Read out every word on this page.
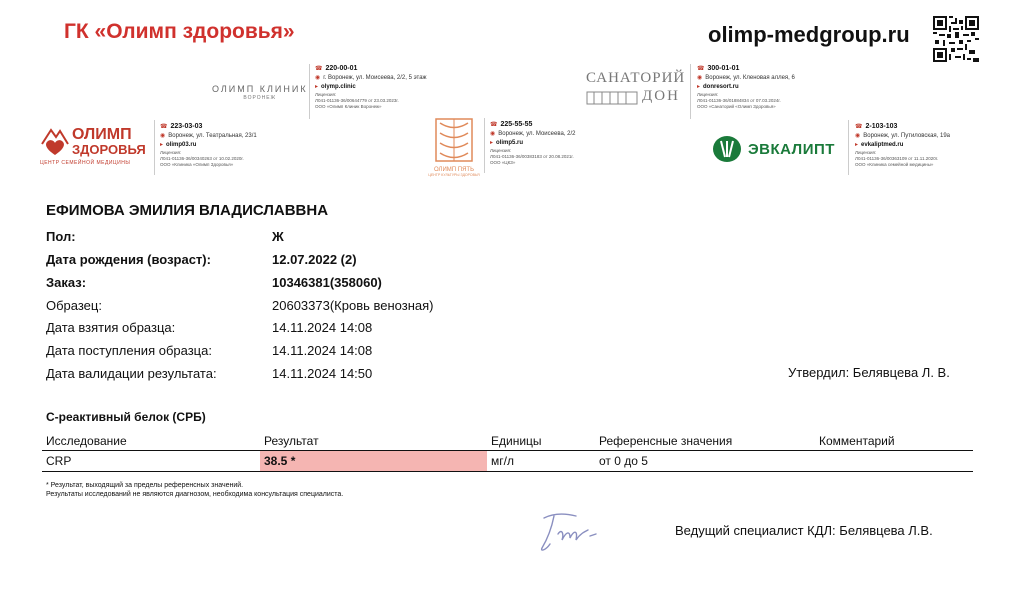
ГК «Олимп здоровья»	olimp-medgroup.ru
ОЛИМП КЛИНИК
ВОРОНЕЖ
☎ 220-00-01
◉ г. Воронеж, ул. Моисеева, 2/2, 5 этаж
▸ olymp.clinic
Лицензия:
Л041-01136-36/00644779 от 23.03.2023г.
ООО «Олимп Клиник Воронеж»
САНАТОРИЙ
ДОН
☎ 300-01-01
◉ Воронеж, ул. Кленовая аллея, 6
▸ donresort.ru
Лицензия:
Л041-01136-36/01884834 от 07.03.2024г.
ООО «Санаторий «Олимп Здоровья»
ОЛИМП
ЗДОРОВЬЯ
ЦЕНТР СЕМЕЙНОЙ МЕДИЦИНЫ
☎ 223-03-03
◉ Воронеж, ул. Театральная, 23/1
▸ olimp03.ru
Лицензия:
Л041-01136-36/00340263 от 10.02.2020г.
ООО «Клиника «Олимп Здоровья»
ОЛИМП ПЯТЬ
ЦЕНТР КУЛЬТУРЫ ЗДОРОВЬЯ
☎ 225-55-55
◉ Воронеж, ул. Моисеева, 2/2
▸ olimp5.ru
Лицензия:
Л041-01136-36/00383183 от 20.08.2021г.
ООО «ЦКЗ»
ЭВКАЛИПТ
☎ 2-103-103
◉ Воронеж, ул. Путиловская, 19а
▸ evkaliptmed.ru
Лицензия:
Л041-01136-36/00363109 от 11.11.2020г.
ООО «Клиника семейной медицины»
ЕФИМОВА ЭМИЛИЯ ВЛАДИСЛАВВНА
Пол:	Ж
Дата рождения (возраст):	12.07.2022 (2)
Заказ:	10346381(358060)
Образец:	20603373(Кровь венозная)
Дата взятия образца:	14.11.2024 14:08
Дата поступления образца:	14.11.2024 14:08
Дата валидации результата:	14.11.2024 14:50	Утвердил: Белявцева Л. В.
С-реактивный белок (СРБ)
Исследование	Результат	Единицы	Референсные значения	Комментарий
CRP	38.5 *	мг/л	от 0 до 5	
* Результат, выходящий за пределы референсных значений.
Результаты исследований не являются диагнозом, необходима консультация специалиста.
Ведущий специалист КДЛ: Белявцева Л.В.
